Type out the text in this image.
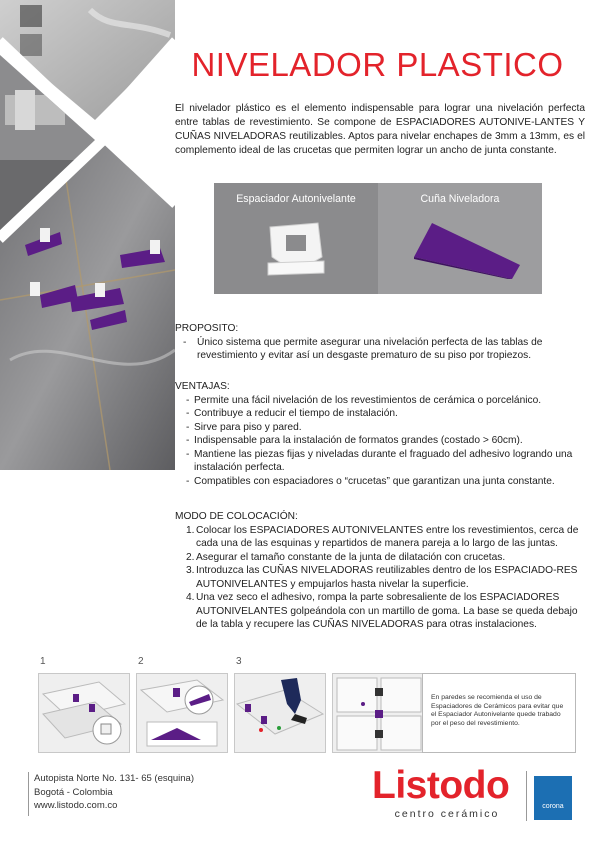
NIVELADOR PLASTICO
El nivelador plástico es el elemento indispensable para lograr una nivelación perfecta entre tablas de revestimiento. Se compone de ESPACIADORES AUTONIVE-LANTES Y CUÑAS NIVELADORAS reutilizables. Aptos para nivelar enchapes de 3mm a 13mm, es el complemento ideal de las crucetas que permiten lograr un ancho de junta constante.
Espaciador Autonivelante	Cuña Niveladora
PROPOSITO:
- Único sistema que permite asegurar una nivelación perfecta de las tablas de revestimiento y evitar así un desgaste prematuro de su piso por tropiezos.
VENTAJAS:
- Permite una fácil nivelación de los revestimientos de cerámica o porcelánico.
- Contribuye a reducir el tiempo de instalación.
- Sirve para piso y pared.
- Indispensable para la instalación de formatos grandes (costado > 60cm).
- Mantiene las piezas fijas y niveladas durante el fraguado del adhesivo logrando una instalación perfecta.
- Compatibles con espaciadores o “crucetas” que garantizan una junta constante.
MODO DE COLOCACIÓN:
1. Colocar los ESPACIADORES AUTONIVELANTES entre los revestimientos, cerca de cada una de las esquinas y repartidos de manera pareja a lo largo de las juntas.
2. Asegurar el tamaño constante de la junta de dilatación con crucetas.
3. Introduzca las CUÑAS NIVELADORAS reutilizables dentro de los ESPACIADO-RES AUTONIVELANTES y empujarlos hasta nivelar la superficie.
4. Una vez seco el adhesivo, rompa la parte sobresaliente de los ESPACIADORES AUTONIVELANTES golpeándola con un martillo de goma. La base se queda debajo de la tabla y recupere las CUÑAS NIVELADORAS para otras instalaciones.
1	2	3

En paredes se recomienda el uso de Espaciadores de Cerámicos para evitar que el Espaciador Autonivelante quede trabado por el peso del revestimiento.

Autopista Norte No. 131- 65 (esquina)
Bogotá - Colombia
www.listodo.com.co	Listodo
centro cerámico
corona
